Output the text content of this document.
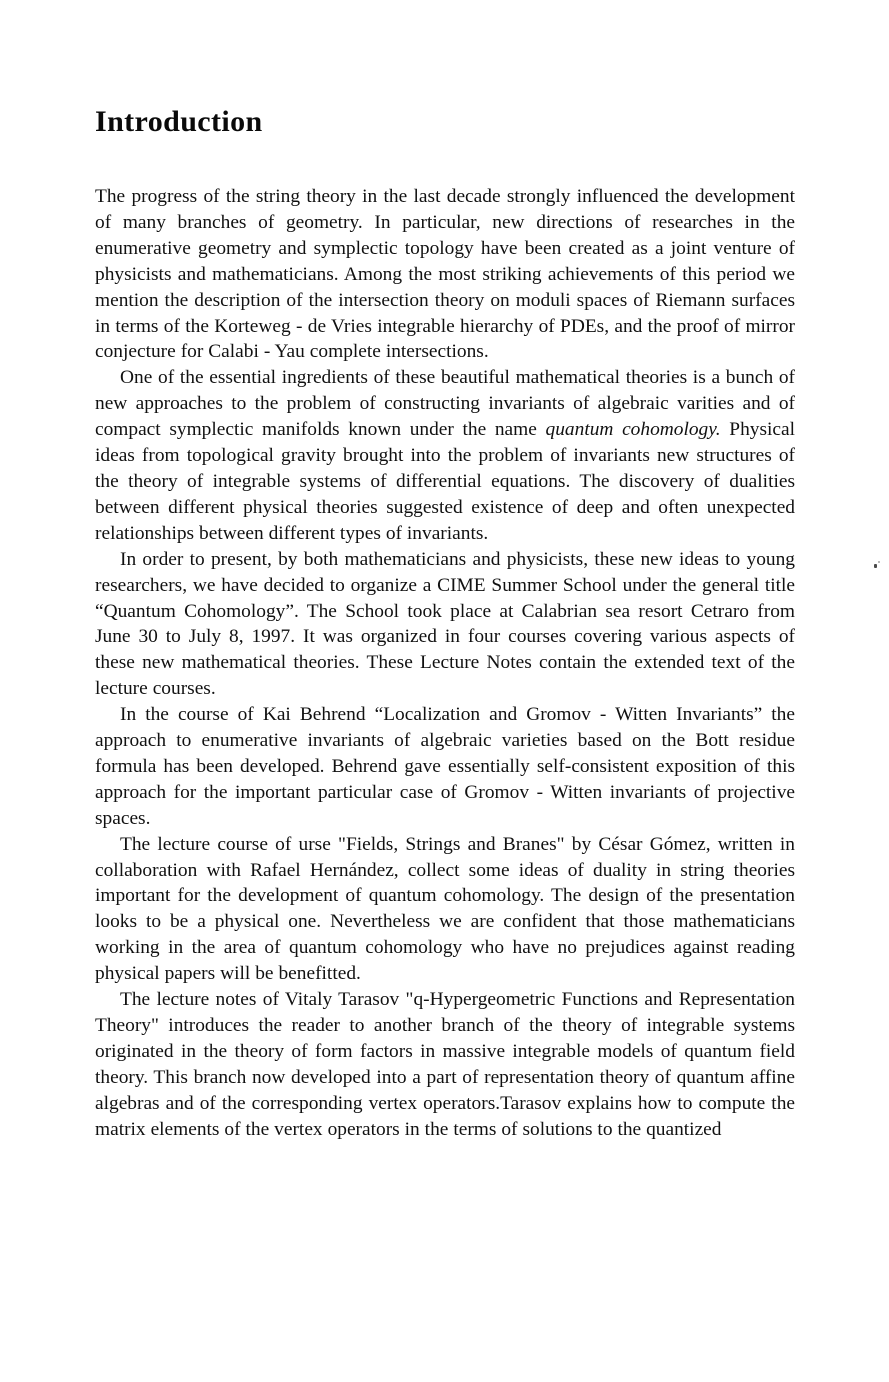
Introduction

The progress of the string theory in the last decade strongly influenced the development of many branches of geometry. In particular, new directions of researches in the enumerative geometry and symplectic topology have been created as a joint venture of physicists and mathematicians. Among the most striking achievements of this period we mention the description of the intersection theory on moduli spaces of Riemann surfaces in terms of the Korteweg - de Vries integrable hierarchy of PDEs, and the proof of mirror conjecture for Calabi - Yau complete intersections.

One of the essential ingredients of these beautiful mathematical theories is a bunch of new approaches to the problem of constructing invariants of algebraic varities and of compact symplectic manifolds known under the name quantum cohomology. Physical ideas from topological gravity brought into the problem of invariants new structures of the theory of integrable systems of differential equations. The discovery of dualities between different physical theories suggested existence of deep and often unexpected relationships between different types of invariants.

In order to present, by both mathematicians and physicists, these new ideas to young researchers, we have decided to organize a CIME Summer School under the general title “Quantum Cohomology”. The School took place at Calabrian sea resort Cetraro from June 30 to July 8, 1997. It was organized in four courses covering various aspects of these new mathematical theories. These Lecture Notes contain the extended text of the lecture courses.

In the course of Kai Behrend “Localization and Gromov - Witten Invariants” the approach to enumerative invariants of algebraic varieties based on the Bott residue formula has been developed. Behrend gave essentially self-consistent exposition of this approach for the important particular case of Gromov - Witten invariants of projective spaces.

The lecture course of urse "Fields, Strings and Branes" by César Gómez, written in collaboration with Rafael Hernández, collect some ideas of duality in string theories important for the development of quantum cohomology. The design of the presentation looks to be a physical one. Nevertheless we are confident that those mathematicians working in the area of quantum cohomology who have no prejudices against reading physical papers will be benefitted.

The lecture notes of Vitaly Tarasov "q-Hypergeometric Functions and Representation Theory" introduces the reader to another branch of the theory of integrable systems originated in the theory of form factors in massive integrable models of quantum field theory. This branch now developed into a part of representation theory of quantum affine algebras and of the corresponding vertex operators.Tarasov explains how to compute the matrix elements of the vertex operators in the terms of solutions to the quantized
